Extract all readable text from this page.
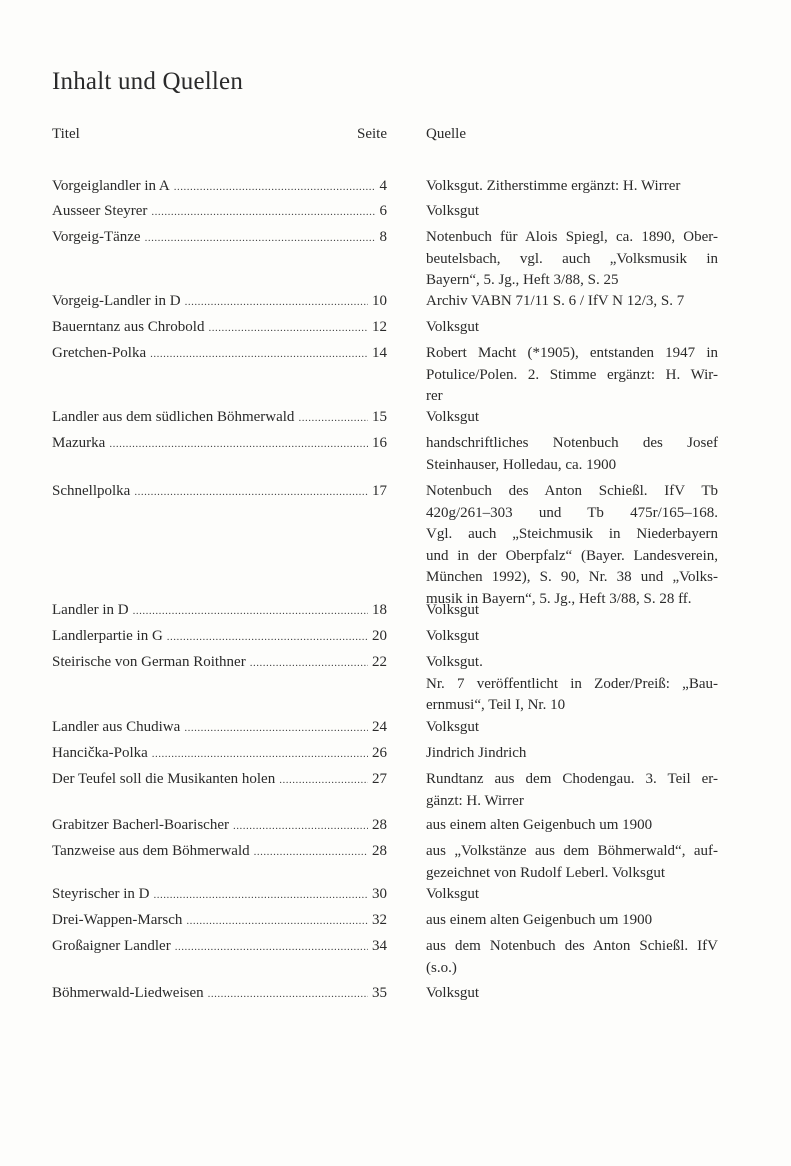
Inhalt und Quellen
Titel	Seite	Quelle
Vorgeiglandler in A .....	4	Volksgut. Zitherstimme ergänzt: H. Wirrer
Ausseer Steyrer .....	6	Volksgut
Vorgeig-Tänze .....	8	Notenbuch für Alois Spiegl, ca. 1890, Ober-
beutelsbach, vgl. auch „Volksmusik in
Bayern“, 5. Jg., Heft 3/88, S. 25
Vorgeig-Landler in D .....	10	Archiv VABN 71/11 S. 6 / IfV N 12/3, S. 7
Bauerntanz aus Chrobold .....	12	Volksgut
Gretchen-Polka .....	14	Robert Macht (*1905), entstanden 1947 in
Potulice/Polen. 2. Stimme ergänzt: H. Wir-
rer
Landler aus dem südlichen Böhmerwald .....	15	Volksgut
Mazurka .....	16	handschriftliches Notenbuch des Josef
Steinhauser, Holledau, ca. 1900
Schnellpolka .....	17	Notenbuch des Anton Schießl. IfV Tb
420g/261–303 und Tb 475r/165–168.
Vgl. auch „Steichmusik in Niederbayern
und in der Oberpfalz“ (Bayer. Landesverein,
München 1992), S. 90, Nr. 38 und „Volks-
musik in Bayern“, 5. Jg., Heft 3/88, S. 28 ff.
Landler in D .....	18	Volksgut
Landlerpartie in G .....	20	Volksgut
Steirische von German Roithner .....	22	Volksgut.
Nr. 7 veröffentlicht in Zoder/Preiß: „Bau-
ernmusi“, Teil I, Nr. 10
Landler aus Chudiwa .....	24	Volksgut
Hancička-Polka .....	26	Jindrich Jindrich
Der Teufel soll die Musikanten holen .....	27	Rundtanz aus dem Chodengau. 3. Teil er-
gänzt: H. Wirrer
Grabitzer Bacherl-Boarischer .....	28	aus einem alten Geigenbuch um 1900
Tanzweise aus dem Böhmerwald .....	28	aus „Volkstänze aus dem Böhmerwald“, auf-
gezeichnet von Rudolf Leberl. Volksgut
Steyrischer in D .....	30	Volksgut
Drei-Wappen-Marsch .....	32	aus einem alten Geigenbuch um 1900
Großaigner Landler .....	34	aus dem Notenbuch des Anton Schießl. IfV
(s.o.)
Böhmerwald-Liedweisen .....	35	Volksgut
